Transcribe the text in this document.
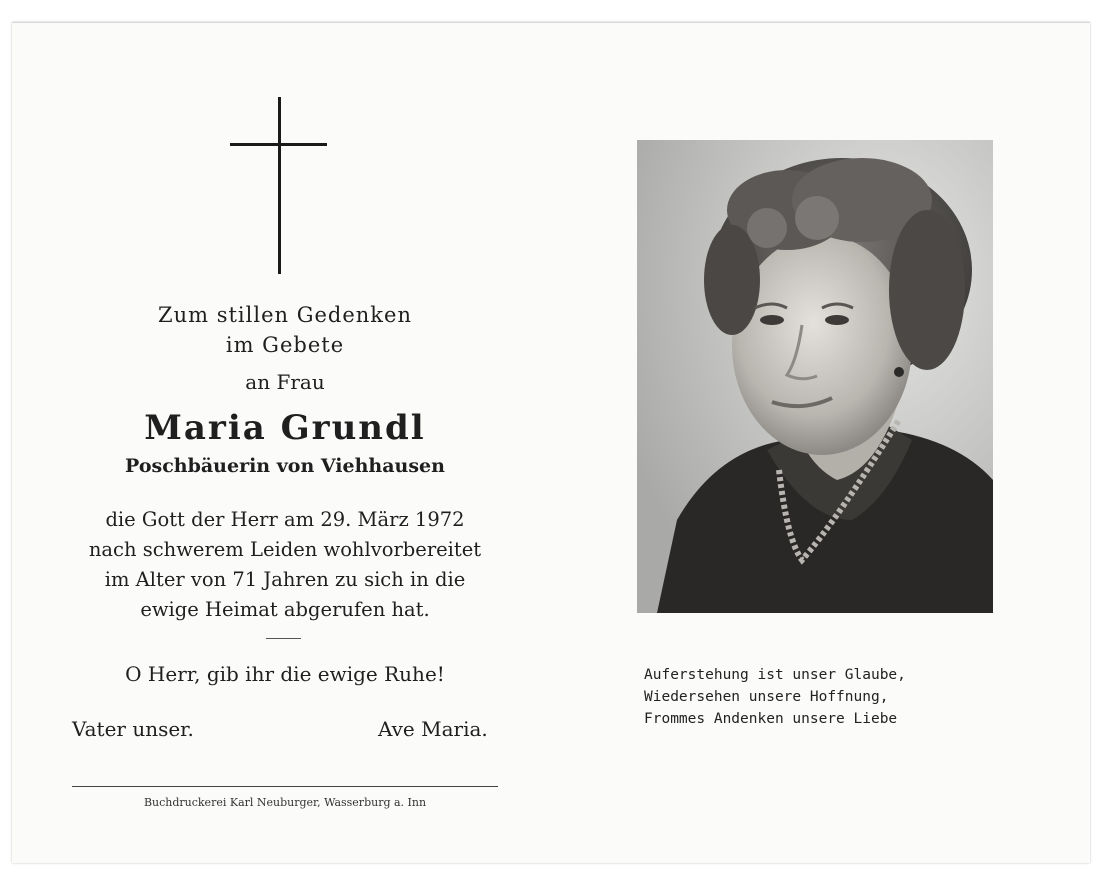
Zum stillen Gedenken
im Gebete
an Frau
Maria Grundl
Poschbäuerin von Viehhausen
die Gott der Herr am 29. März 1972
nach schwerem Leiden wohlvorbereitet
im Alter von 71 Jahren zu sich in die
ewige Heimat abgerufen hat.
O Herr, gib ihr die ewige Ruhe!
Vater unser.	Ave Maria.
Buchdruckerei Karl Neuburger, Wasserburg a. Inn
Auferstehung ist unser Glaube,
Wiedersehen unsere Hoffnung,
Frommes Andenken unsere Liebe
